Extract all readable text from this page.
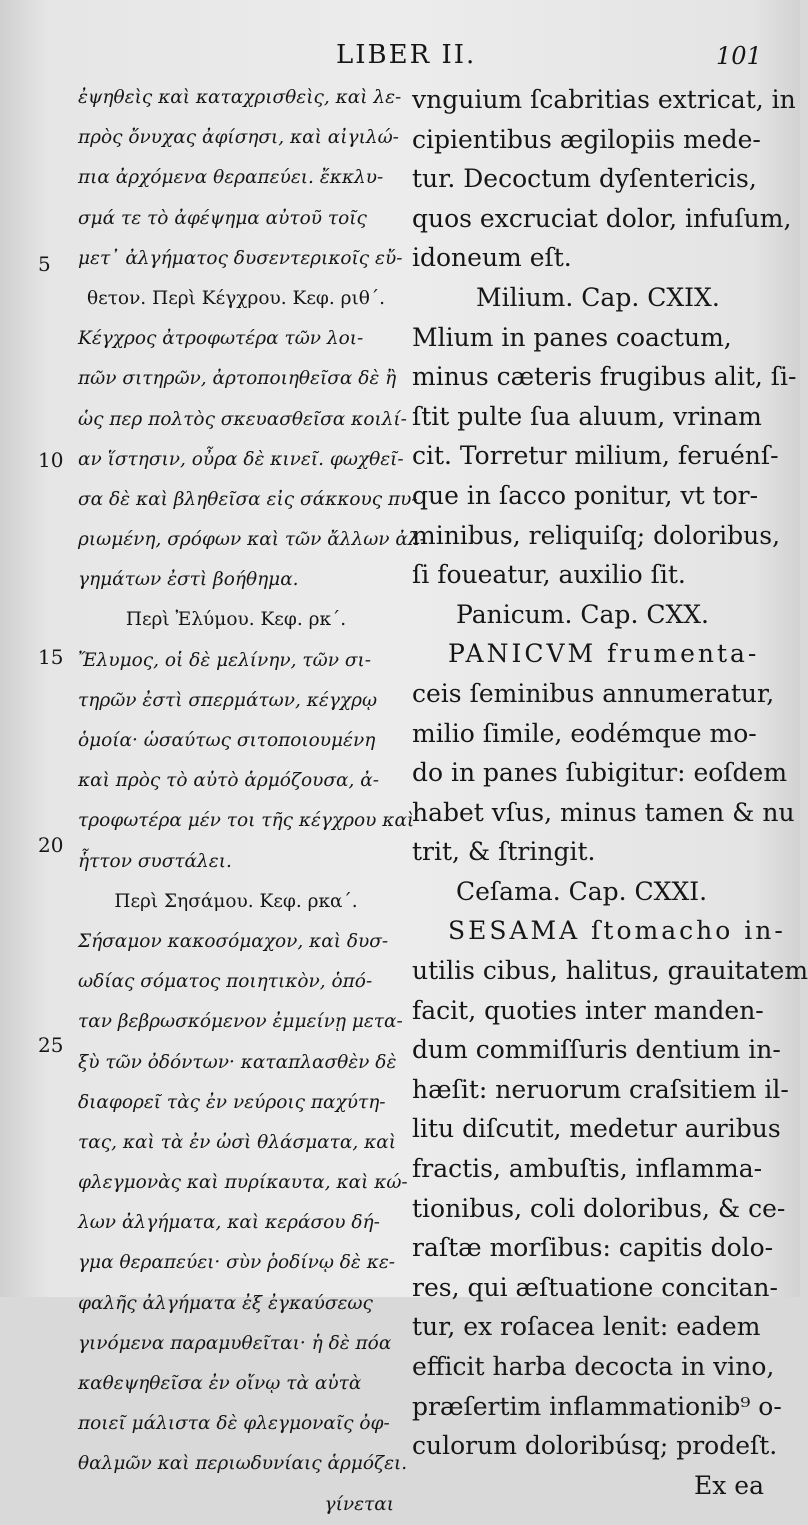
LIBER II.	101
ἐψηθεὶς καὶ καταχρισθεὶς, καὶ λε-
πρὸς ὄνυχας ἀφίσησι, καὶ αἰγιλώ-
πια ἀρχόμενα θεραπεύει. ἔκκλυ-
σμά τε τὸ ἀφέψημα αὐτοῦ τοῖς
μετ᾽ ἀλγήματος δυσεντερικοῖς εὔ-
θετον. Περὶ Κέγχρου. Κεφ. ριθ´.
Κέγχρος ἀτροφωτέρα τῶν λοι-
πῶν σιτηρῶν, ἀρτοποιηθεῖσα δὲ ἢ
ὡς περ πολτὸς σκευασθεῖσα κοιλί-
αν ἵστησιν, οὖρα δὲ κινεῖ. φωχθεῖ-
σα δὲ καὶ βληθεῖσα εἰς σάκκους πυ-
ριωμένη, σρόφων καὶ τῶν ἄλλων ἀλ-
γημάτων ἐστὶ βοήθημα.
Περὶ Ἐλύμου. Κεφ. ρκ´.
Ἔλυμος, οἱ δὲ μελίνην, τῶν σι-
τηρῶν ἐστὶ σπερμάτων, κέγχρῳ
ὁμοία· ὡσαύτως σιτοποιουμένη
καὶ πρὸς τὸ αὐτὸ ἁρμόζουσα, ἀ-
τροφωτέρα μέν τοι τῆς κέγχρου καὶ
ἧττον συστάλει.
Περὶ Σησάμου. Κεφ. ρκα´.
Σήσαμον κακοσόμαχον, καὶ δυσ-
ωδίας σόματος ποιητικὸν, ὁπό-
ταν βεβρωσκόμενον ἐμμείνῃ μετα-
ξὺ τῶν ὀδόντων· καταπλασθὲν δὲ
διαφορεῖ τὰς ἐν νεύροις παχύτη-
τας, καὶ τὰ ἐν ὠσὶ θλάσματα, καὶ
φλεγμονὰς καὶ πυρίκαυτα, καὶ κώ-
λων ἀλγήματα, καὶ κεράσου δή-
γμα θεραπεύει· σὺν ῥοδίνῳ δὲ κε-
φαλῆς ἀλγήματα ἐξ ἐγκαύσεως
γινόμενα παραμυθεῖται· ἡ δὲ πόα
καθεψηθεῖσα ἐν οἴνῳ τὰ αὐτὰ
ποιεῖ μάλιστα δὲ φλεγμοναῖς ὀφ-
θαλμῶν καὶ περιωδυνίαις ἁρμόζει.
γίνεται
5
10
15
20
25
vnguium ſcabritias extricat, in
cipientibus ægilopiis mede-
tur. Decoctum dyſentericis,
quos excruciat dolor, infuſum,
idoneum eſt.
Milium. Cap. CXIX.
Mlium in panes coactum,
minus cæteris frugibus alit, ſi-
ſtit pulte ſua aluum, vrinam
cit. Torretur milium, feruénſ-
que in ſacco ponitur, vt tor-
minibus, reliquiſq; doloribus,
ſi foueatur, auxilio ſit.
Panicum. Cap. CXX.
PANICVM frumenta-
ceis ſeminibus annumeratur,
milio ſimile, eodémque mo-
do in panes ſubigitur: eoſdem
habet vſus, minus tamen & nu
trit, & ſtringit.
Ceſama. Cap. CXXI.
SESAMA ſtomacho in-
utilis cibus, halitus, grauitatem
facit, quoties inter manden-
dum commiſſuris dentium in-
hæſit: neruorum craſsitiem il-
litu diſcutit, medetur auribus
fractis, ambuſtis, inflamma-
tionibus, coli doloribus, & ce-
raſtæ morſibus: capitis dolo-
res, qui æſtuatione concitan-
tur, ex roſacea lenit: eadem
efficit harba decocta in vino,
præſertim inflammationib⁹ o-
culorum doloribúsq; prodeſt.
Ex ea
